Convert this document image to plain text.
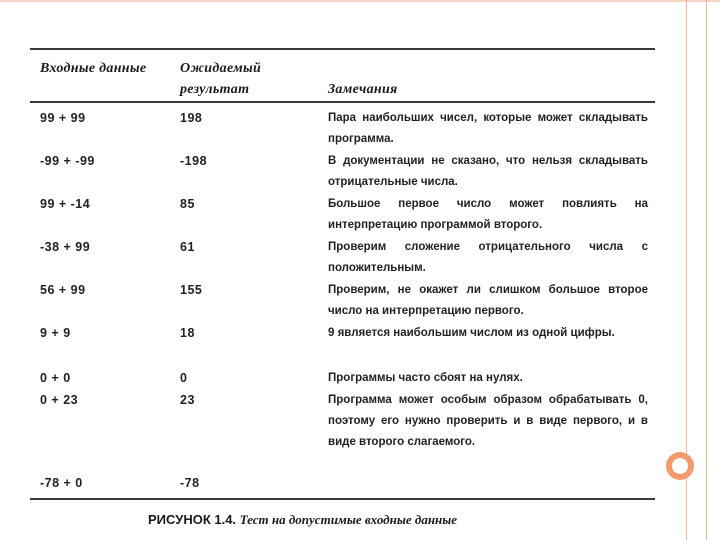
Входные данные	Ожидаемый результат	Замечания
99 + 99	198	Пара наибольших чисел, которые может складывать программа.
-99 + -99	-198	В документации не сказано, что нельзя складывать отрицательные числа.
99 + -14	85	Большое первое число может повлиять на интерпретацию программой второго.
-38 + 99	61	Проверим сложение отрицательного числа с положительным.
56 + 99	155	Проверим, не окажет ли слишком большое второе число на интерпретацию первого.
9 + 9	18	9 является наибольшим числом из одной цифры.
0 + 0	0	Программы часто сбоят на нулях.
0 + 23	23	Программа может особым образом обрабатывать 0, поэтому его нужно проверить и в виде первого, и в виде второго слагаемого.
-78 + 0	-78
РИСУНОК 1.4. Тест на допустимые входные данные
